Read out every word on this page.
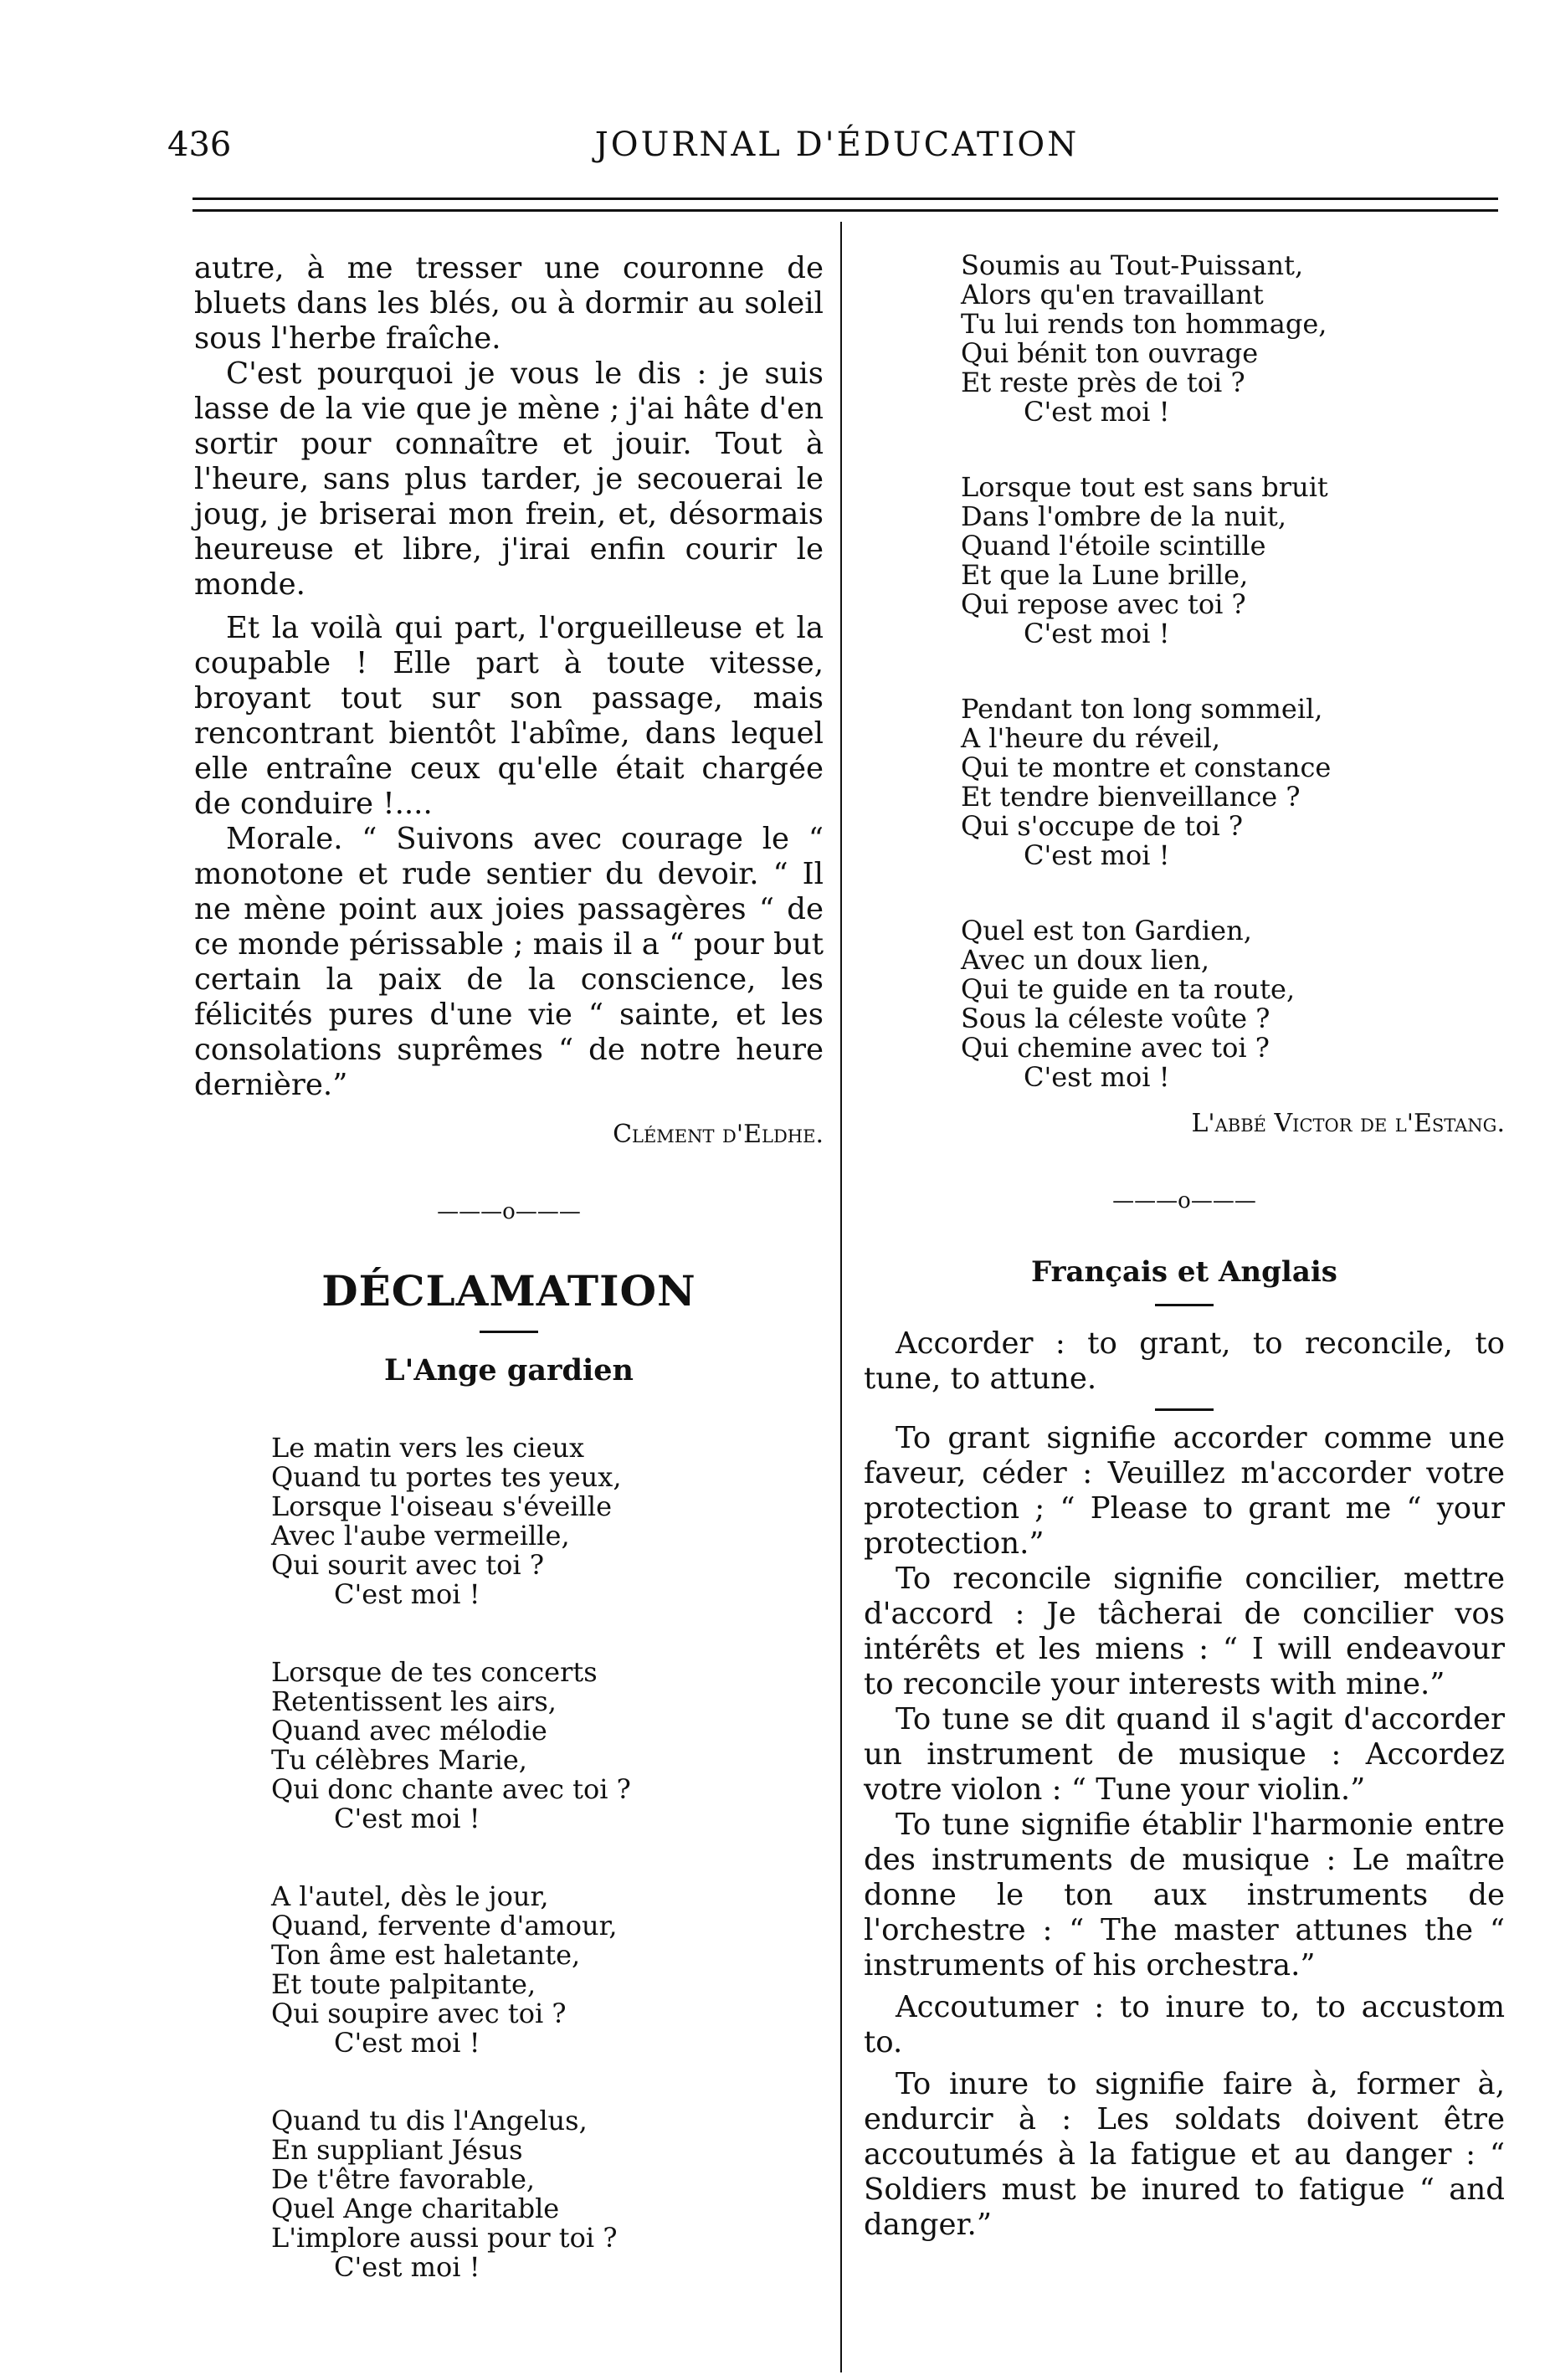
436	JOURNAL D'ÉDUCATION

autre, à me tresser une couronne de bluets dans les blés, ou à dormir au soleil sous l'herbe fraîche.

C'est pourquoi je vous le dis : je suis lasse de la vie que je mène ; j'ai hâte d'en sortir pour connaître et jouir. Tout à l'heure, sans plus tarder, je secouerai le joug, je briserai mon frein, et, désormais heureuse et libre, j'irai enfin courir le monde.

Et la voilà qui part, l'orgueilleuse et la coupable ! Elle part à toute vitesse, broyant tout sur son passage, mais rencontrant bientôt l'abîme, dans lequel elle entraîne ceux qu'elle était chargée de conduire !....

Morale. “ Suivons avec courage le “ monotone et rude sentier du devoir. “ Il ne mène point aux joies passagères “ de ce monde périssable ; mais il a “ pour but certain la paix de la conscience, les félicités pures d'une vie “ sainte, et les consolations suprêmes “ de notre heure dernière.”

Clément d'Eldhe.
———o———
DÉCLAMATION
L'Ange gardien
Le matin vers les cieux
Quand tu portes tes yeux,
Lorsque l'oiseau s'éveille
Avec l'aube vermeille,
Qui sourit avec toi ?
C'est moi !
Lorsque de tes concerts
Retentissent les airs,
Quand avec mélodie
Tu célèbres Marie,
Qui donc chante avec toi ?
C'est moi !
A l'autel, dès le jour,
Quand, fervente d'amour,
Ton âme est haletante,
Et toute palpitante,
Qui soupire avec toi ?
C'est moi !
Quand tu dis l'Angelus,
En suppliant Jésus
De t'être favorable,
Quel Ange charitable
L'implore aussi pour toi ?
C'est moi !
Soumis au Tout-Puissant,
Alors qu'en travaillant
Tu lui rends ton hommage,
Qui bénit ton ouvrage
Et reste près de toi ?
C'est moi !
Lorsque tout est sans bruit
Dans l'ombre de la nuit,
Quand l'étoile scintille
Et que la Lune brille,
Qui repose avec toi ?
C'est moi !
Pendant ton long sommeil,
A l'heure du réveil,
Qui te montre et constance
Et tendre bienveillance ?
Qui s'occupe de toi ?
C'est moi !
Quel est ton Gardien,
Avec un doux lien,
Qui te guide en ta route,
Sous la céleste voûte ?
Qui chemine avec toi ?
C'est moi !
L'abbé Victor de l'Estang.
———o———
Français et Anglais

Accorder : to grant, to reconcile, to tune, to attune.

To grant signifie accorder comme une faveur, céder : Veuillez m'accorder votre protection ; “ Please to grant me “ your protection.”

To reconcile signifie concilier, mettre d'accord : Je tâcherai de concilier vos intérêts et les miens : “ I will endeavour to reconcile your interests with mine.”

To tune se dit quand il s'agit d'accorder un instrument de musique : Accordez votre violon : “ Tune your violin.”

To tune signifie établir l'harmonie entre des instruments de musique : Le maître donne le ton aux instruments de l'orchestre : “ The master attunes the “ instruments of his orchestra.”

Accoutumer : to inure to, to accustom to.

To inure to signifie faire à, former à, endurcir à : Les soldats doivent être accoutumés à la fatigue et au danger : “ Soldiers must be inured to fatigue “ and danger.”
